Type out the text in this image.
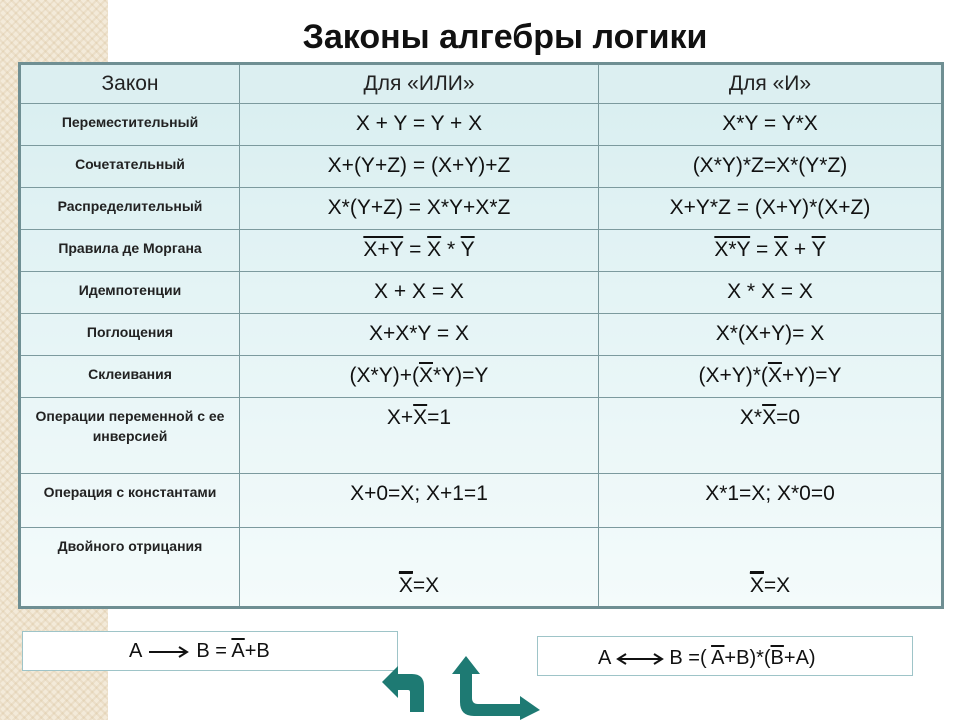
Законы алгебры логики
Закон	Для «ИЛИ»	Для «И»
Переместительный	X + Y = Y + X	X*Y = Y*X
Сочетательный	X+(Y+Z) = (X+Y)+Z	(X*Y)*Z=X*(Y*Z)
Распределительный	X*(Y+Z) = X*Y+X*Z	X+Y*Z = (X+Y)*(X+Z)
Правила де Моргана	$X+Y = \overline{X} * \overline{Y}$	$X*Y = \overline{X} + \overline{Y}$
Идемпотенции	X + X = X	X * X = X
Поглощения	X+X*Y = X	X*(X+Y)= X
Склеивания	$(X*Y)+(\overline{X}*Y)=Y$	$(X+Y)*(\overline{X}+Y)=Y$
Операции переменной с ее инверсией	$X+\overline{X}=1$	$X*\overline{X}=0$
Операция с константами	X+0=X; X+1=1	X*1=X; X*0=0
Двойного отрицания	$\overline{X}=X$	$\overline{X}=X$
A	$B = \overline{A}+B$	A	B =( $\overline{A}+B)*(\overline{B}+A)$
